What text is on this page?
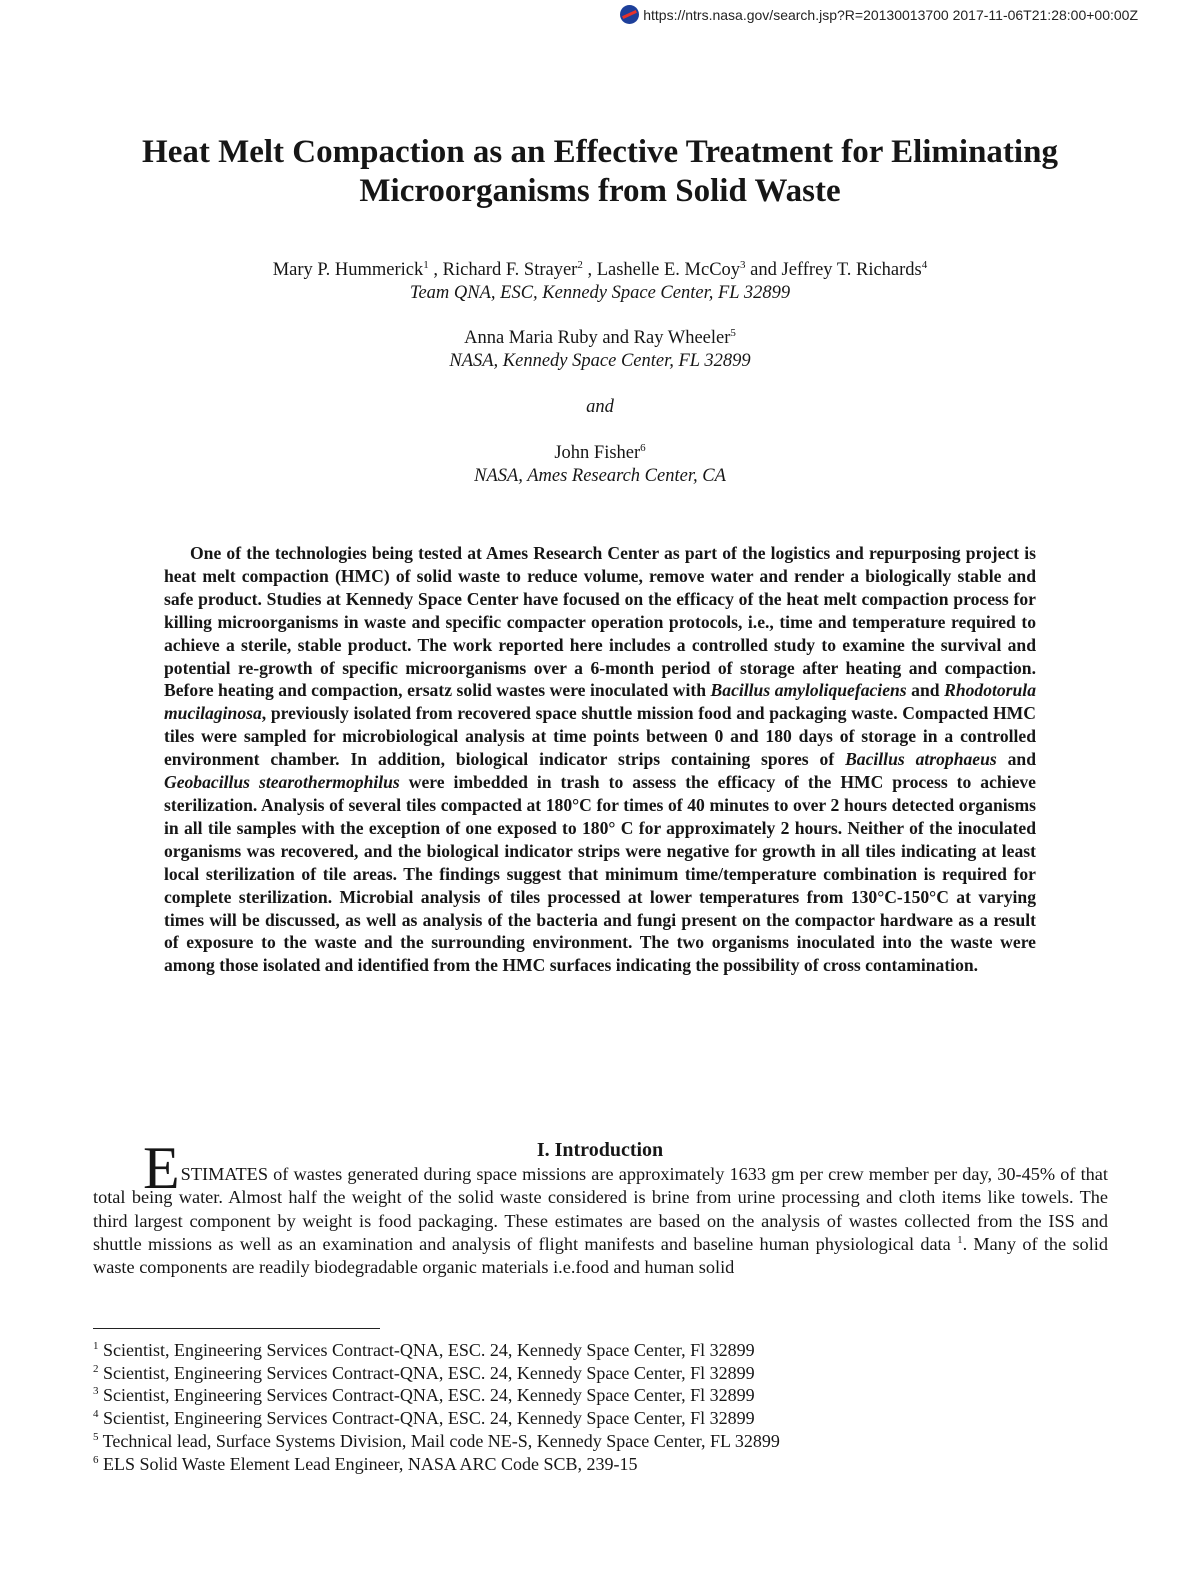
https://ntrs.nasa.gov/search.jsp?R=20130013700 2017-11-06T21:28:00+00:00Z
Heat Melt Compaction as an Effective Treatment for Eliminating
Microorganisms from Solid Waste
Mary P. Hummerick$^1$ , Richard F. Strayer$^2$ , Lashelle E. McCoy$^3$ and Jeffrey T. Richards$^4$
Team QNA, ESC, Kennedy Space Center, FL 32899
Anna Maria Ruby and Ray Wheeler$^5$
NASA, Kennedy Space Center, FL 32899
and
John Fisher$^6$
NASA, Ames Research Center, CA
One of the technologies being tested at Ames Research Center as part of the logistics and repurposing project is heat melt compaction (HMC) of solid waste to reduce volume, remove water and render a biologically stable and safe product. Studies at Kennedy Space Center have focused on the efficacy of the heat melt compaction process for killing microorganisms in waste and specific compacter operation protocols, i.e., time and temperature required to achieve a sterile, stable product. The work reported here includes a controlled study to examine the survival and potential re-growth of specific microorganisms over a 6-month period of storage after heating and compaction. Before heating and compaction, ersatz solid wastes were inoculated with Bacillus amyloliquefaciens and Rhodotorula mucilaginosa, previously isolated from recovered space shuttle mission food and packaging waste. Compacted HMC tiles were sampled for microbiological analysis at time points between 0 and 180 days of storage in a controlled environment chamber. In addition, biological indicator strips containing spores of Bacillus atrophaeus and Geobacillus stearothermophilus were imbedded in trash to assess the efficacy of the HMC process to achieve sterilization. Analysis of several tiles compacted at 180°C for times of 40 minutes to over 2 hours detected organisms in all tile samples with the exception of one exposed to 180° C for approximately 2 hours. Neither of the inoculated organisms was recovered, and the biological indicator strips were negative for growth in all tiles indicating at least local sterilization of tile areas. The findings suggest that minimum time/temperature combination is required for complete sterilization. Microbial analysis of tiles processed at lower temperatures from 130°C-150°C at varying times will be discussed, as well as analysis of the bacteria and fungi present on the compactor hardware as a result of exposure to the waste and the surrounding environment. The two organisms inoculated into the waste were among those isolated and identified from the HMC surfaces indicating the possibility of cross contamination.
I. Introduction
ESTIMATES of wastes generated during space missions are approximately 1633 gm per crew member per day, 30-45% of that total being water. Almost half the weight of the solid waste considered is brine from urine processing and cloth items like towels. The third largest component by weight is food packaging. These estimates are based on the analysis of wastes collected from the ISS and shuttle missions as well as an examination and analysis of flight manifests and baseline human physiological data $^1$. Many of the solid waste components are readily biodegradable organic materials i.e.food and human solid
$^1$ Scientist, Engineering Services Contract-QNA, ESC. 24, Kennedy Space Center, Fl 32899
$^2$ Scientist, Engineering Services Contract-QNA, ESC. 24, Kennedy Space Center, Fl 32899
$^3$ Scientist, Engineering Services Contract-QNA, ESC. 24, Kennedy Space Center, Fl 32899
$^4$ Scientist, Engineering Services Contract-QNA, ESC. 24, Kennedy Space Center, Fl 32899
$^5$ Technical lead, Surface Systems Division, Mail code NE-S, Kennedy Space Center, FL 32899
$^6$ ELS Solid Waste Element Lead Engineer, NASA ARC Code SCB, 239-15
